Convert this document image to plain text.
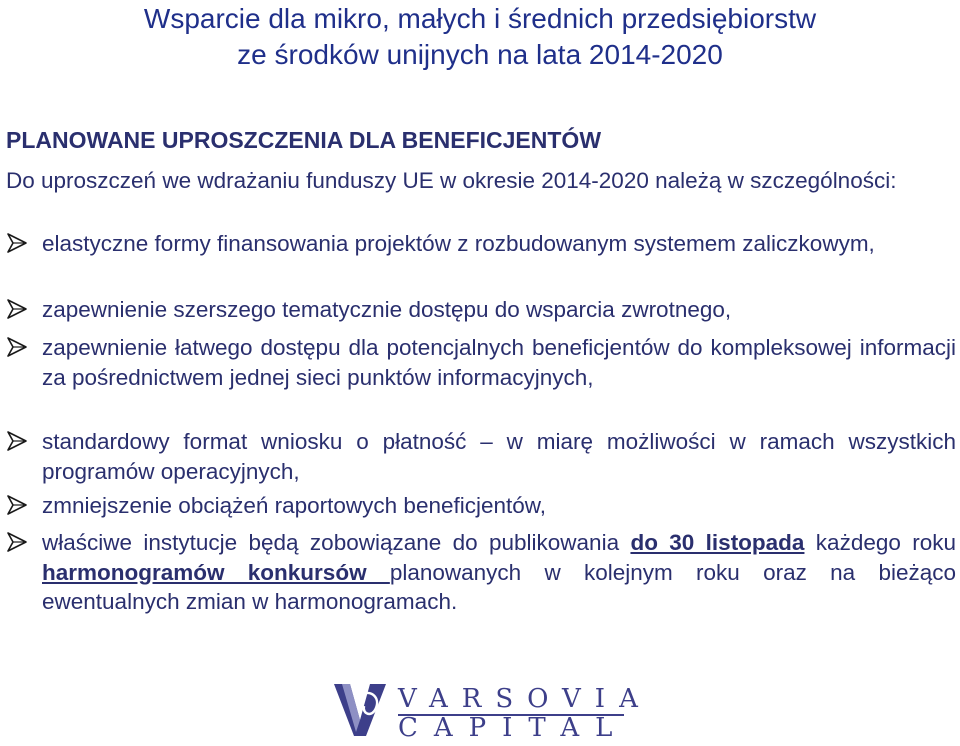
Wsparcie dla mikro, małych i średnich przedsiębiorstw
ze środków unijnych na lata 2014-2020
PLANOWANE UPROSZCZENIA DLA BENEFICJENTÓW
Do uproszczeń we wdrażaniu funduszy UE w okresie 2014-2020 należą w szczególności:
elastyczne formy finansowania projektów z rozbudowanym systemem zaliczkowym,
zapewnienie szerszego tematycznie dostępu do wsparcia zwrotnego,
zapewnienie łatwego dostępu dla potencjalnych beneficjentów do kompleksowej informacji za pośrednictwem jednej sieci punktów informacyjnych,
standardowy format wniosku o płatność – w miarę możliwości w ramach wszystkich programów operacyjnych,
zmniejszenie obciążeń raportowych beneficjentów,
właściwe instytucje będą zobowiązane do publikowania do 30 listopada każdego roku harmonogramów konkursów planowanych w kolejnym roku oraz na bieżąco ewentualnych zmian w harmonogramach.
VARSOVIA
CAPITAL
